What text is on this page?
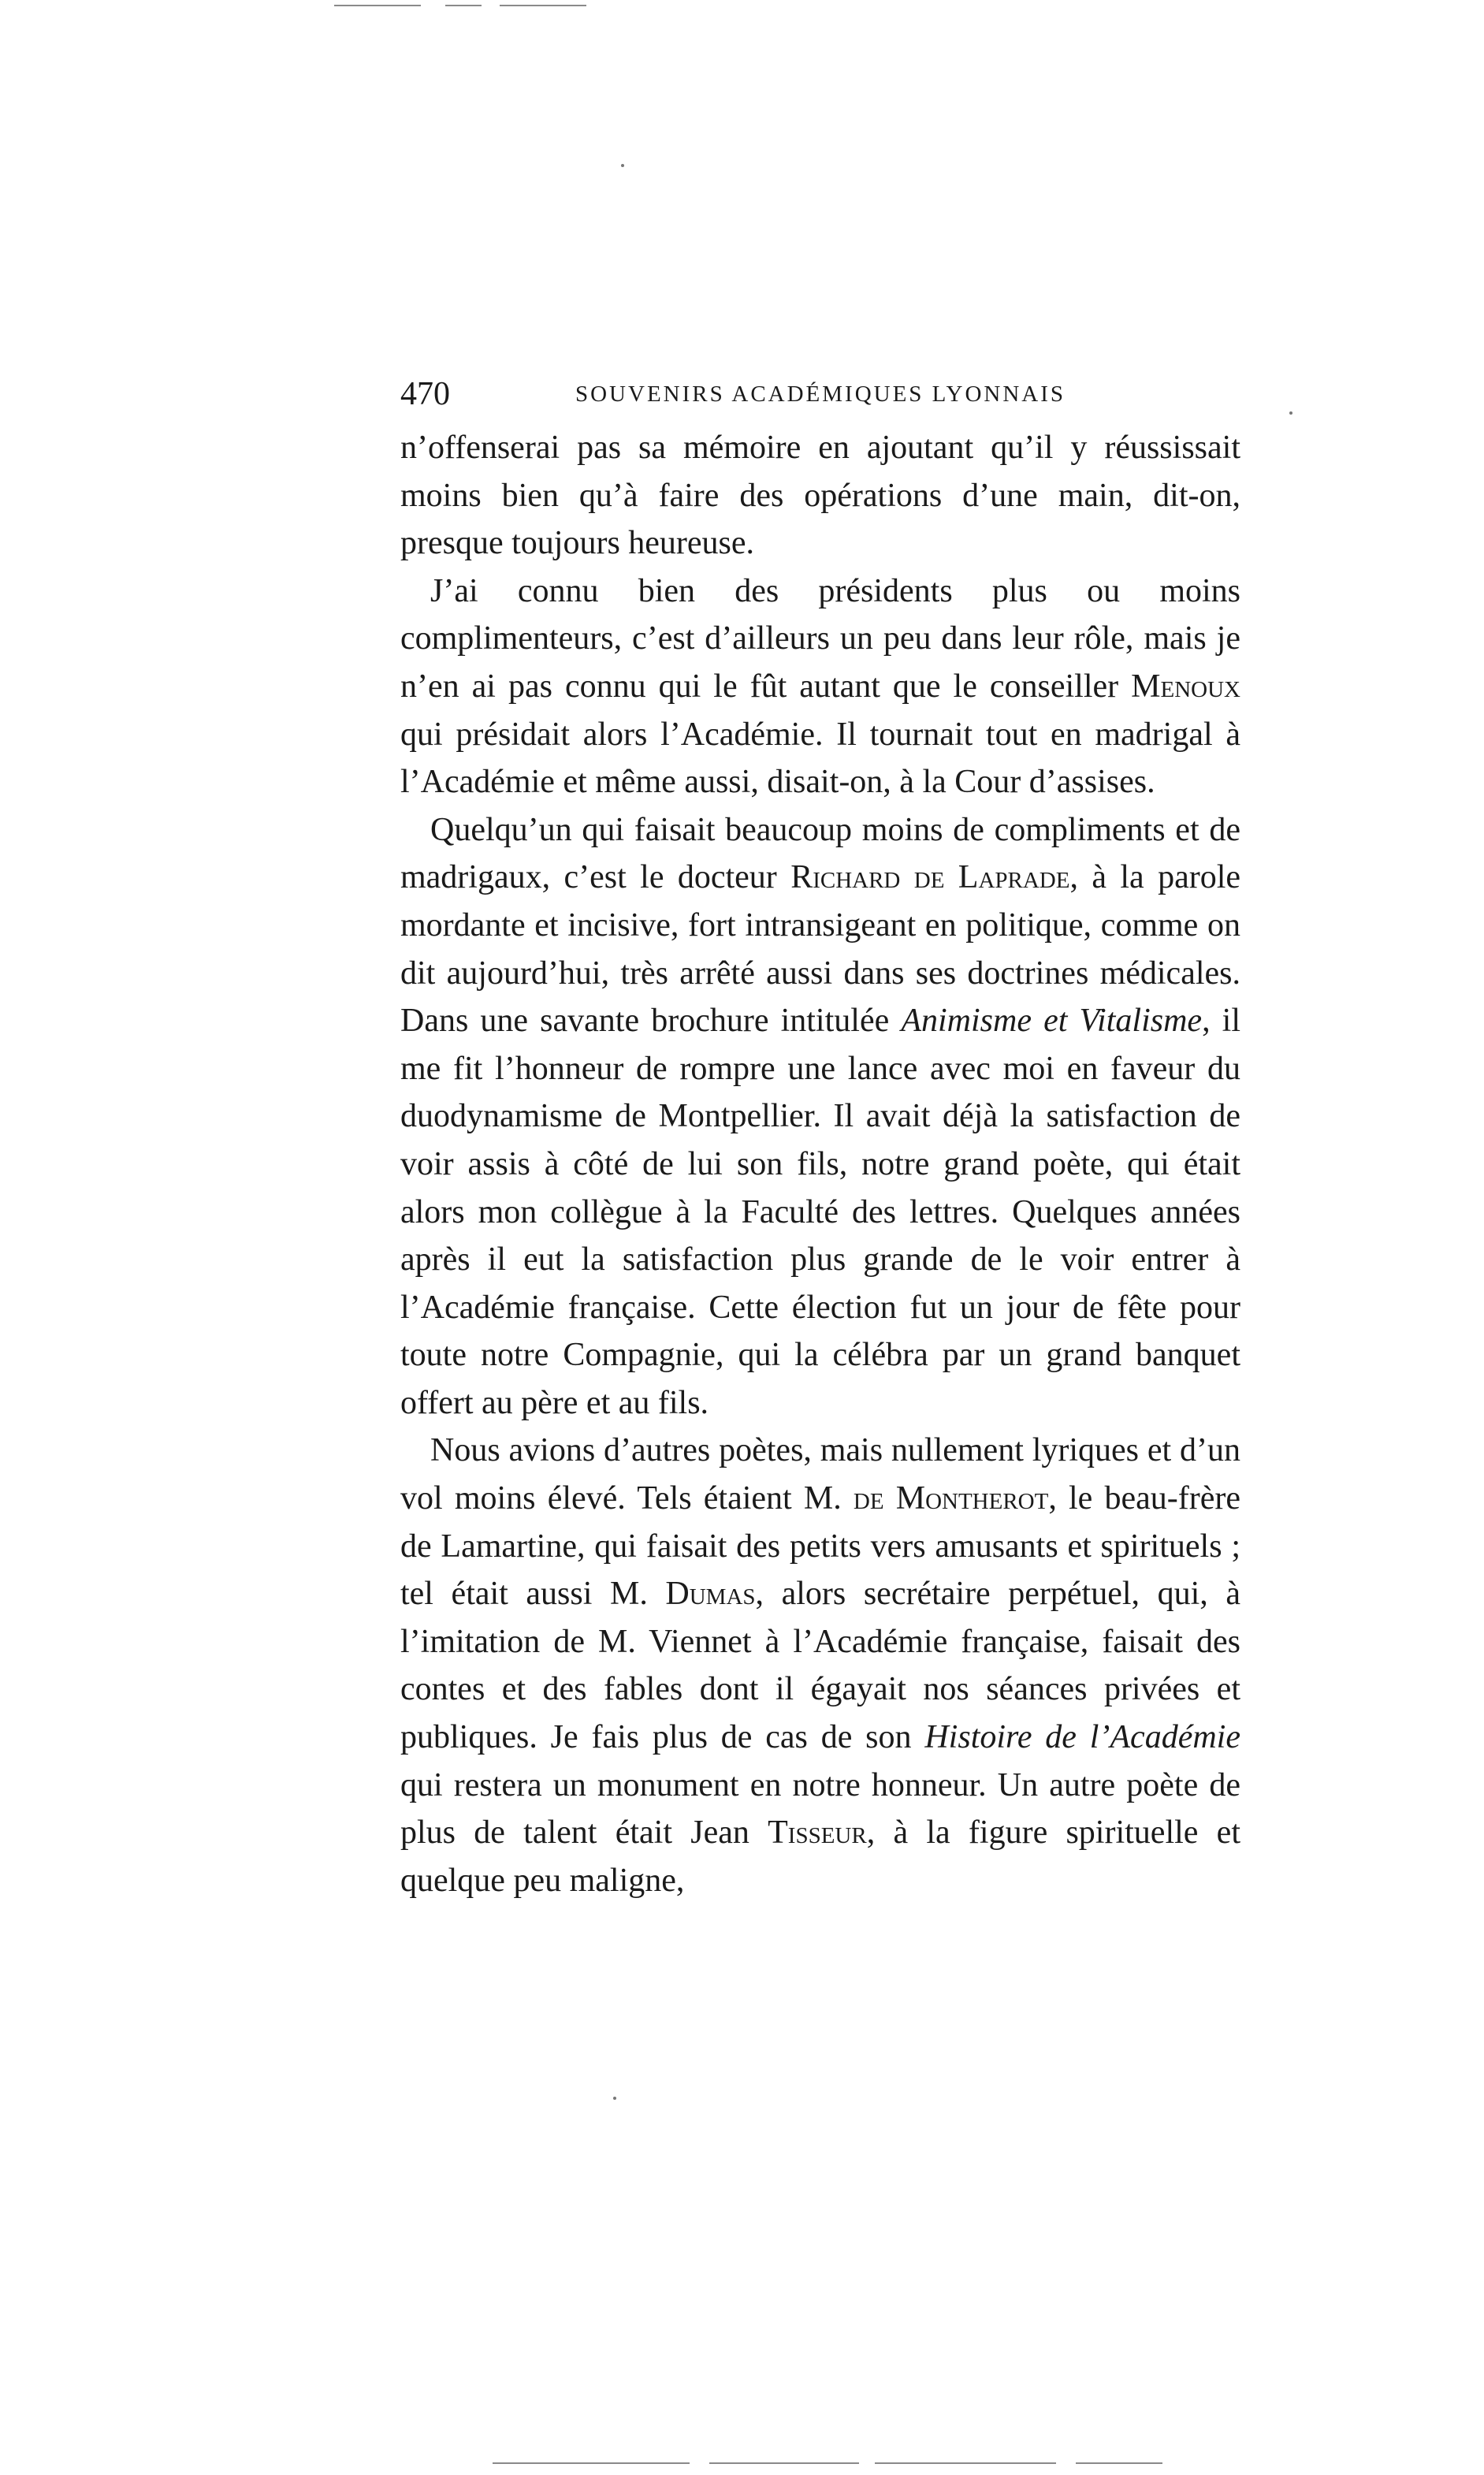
470	SOUVENIRS ACADÉMIQUES LYONNAIS

n’offenserai pas sa mémoire en ajoutant qu’il y réussissait moins bien qu’à faire des opérations d’une main, dit-on, presque toujours heureuse.

J’ai connu bien des présidents plus ou moins complimenteurs, c’est d’ailleurs un peu dans leur rôle, mais je n’en ai pas connu qui le fût autant que le conseiller Menoux qui présidait alors l’Académie. Il tournait tout en madrigal à l’Académie et même aussi, disait-on, à la Cour d’assises.

Quelqu’un qui faisait beaucoup moins de compliments et de madrigaux, c’est le docteur Richard de Laprade, à la parole mordante et incisive, fort intransigeant en politique, comme on dit aujourd’hui, très arrêté aussi dans ses doctrines médicales. Dans une savante brochure intitulée Animisme et Vitalisme, il me fit l’honneur de rompre une lance avec moi en faveur du duodynamisme de Montpellier. Il avait déjà la satisfaction de voir assis à côté de lui son fils, notre grand poète, qui était alors mon collègue à la Faculté des lettres. Quelques années après il eut la satisfaction plus grande de le voir entrer à l’Académie française. Cette élection fut un jour de fête pour toute notre Compagnie, qui la célébra par un grand banquet offert au père et au fils.

Nous avions d’autres poètes, mais nullement lyriques et d’un vol moins élevé. Tels étaient M. de Montherot, le beau-frère de Lamartine, qui faisait des petits vers amusants et spirituels ; tel était aussi M. Dumas, alors secrétaire perpétuel, qui, à l’imitation de M. Viennet à l’Académie française, faisait des contes et des fables dont il égayait nos séances privées et publiques. Je fais plus de cas de son Histoire de l’Académie qui restera un monument en notre honneur. Un autre poète de plus de talent était Jean Tisseur, à la figure spirituelle et quelque peu maligne,
